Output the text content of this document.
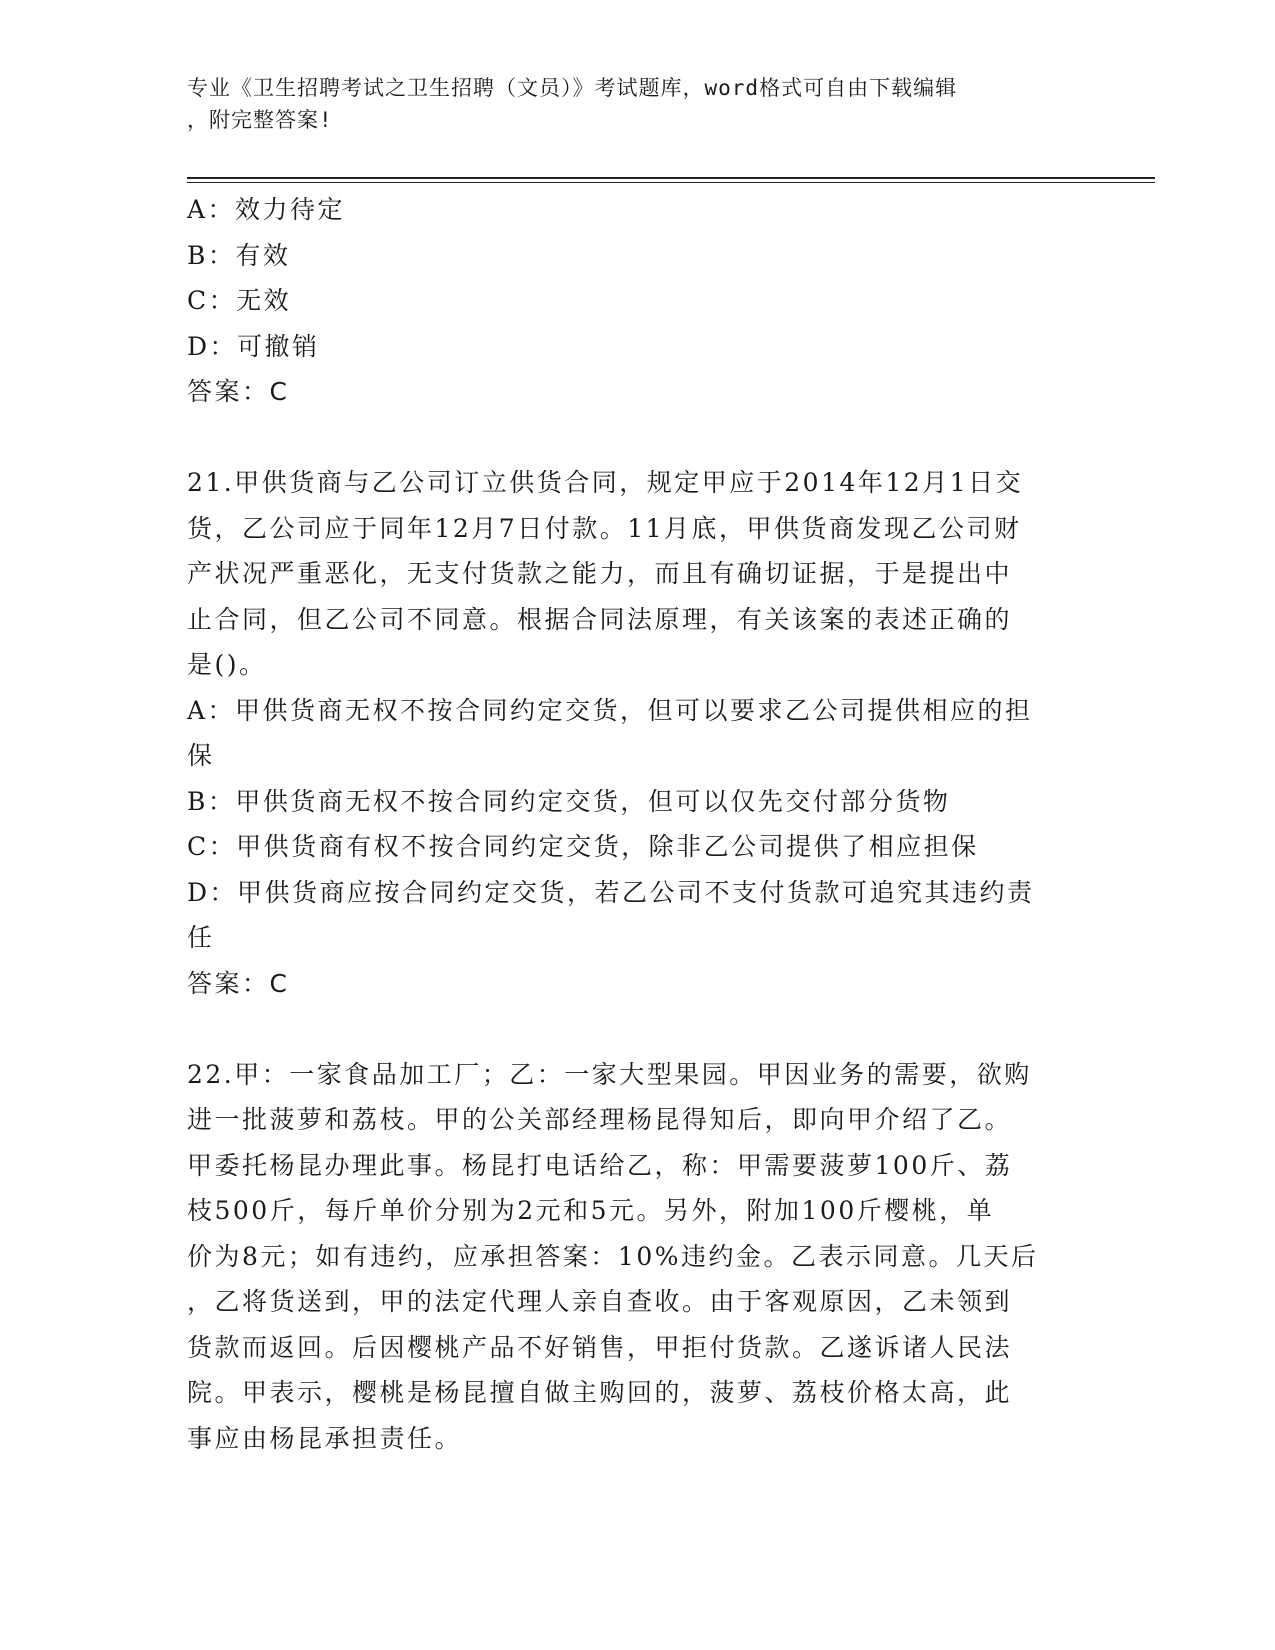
专业《卫生招聘考试之卫生招聘（文员）》考试题库，word格式可自由下载编辑
，附完整答案!
A：效力待定
B：有效
C：无效
D：可撤销
答案：C
21.甲供货商与乙公司订立供货合同，规定甲应于2014年12月1日交
货，乙公司应于同年12月7日付款。11月底，甲供货商发现乙公司财
产状况严重恶化，无支付货款之能力，而且有确切证据，于是提出中
止合同，但乙公司不同意。根据合同法原理，有关该案的表述正确的
是()。
A：甲供货商无权不按合同约定交货，但可以要求乙公司提供相应的担
保
B：甲供货商无权不按合同约定交货，但可以仅先交付部分货物
C：甲供货商有权不按合同约定交货，除非乙公司提供了相应担保
D：甲供货商应按合同约定交货，若乙公司不支付货款可追究其违约责
任
答案：C
22.甲：一家食品加工厂；乙：一家大型果园。甲因业务的需要，欲购
进一批菠萝和荔枝。甲的公关部经理杨昆得知后，即向甲介绍了乙。
甲委托杨昆办理此事。杨昆打电话给乙，称：甲需要菠萝100斤、荔
枝500斤，每斤单价分别为2元和5元。另外，附加100斤樱桃，单
价为8元；如有违约，应承担答案：10%违约金。乙表示同意。几天后
，乙将货送到，甲的法定代理人亲自查收。由于客观原因，乙未领到
货款而返回。后因樱桃产品不好销售，甲拒付货款。乙遂诉诸人民法
院。甲表示，樱桃是杨昆擅自做主购回的，菠萝、荔枝价格太高，此
事应由杨昆承担责任。
